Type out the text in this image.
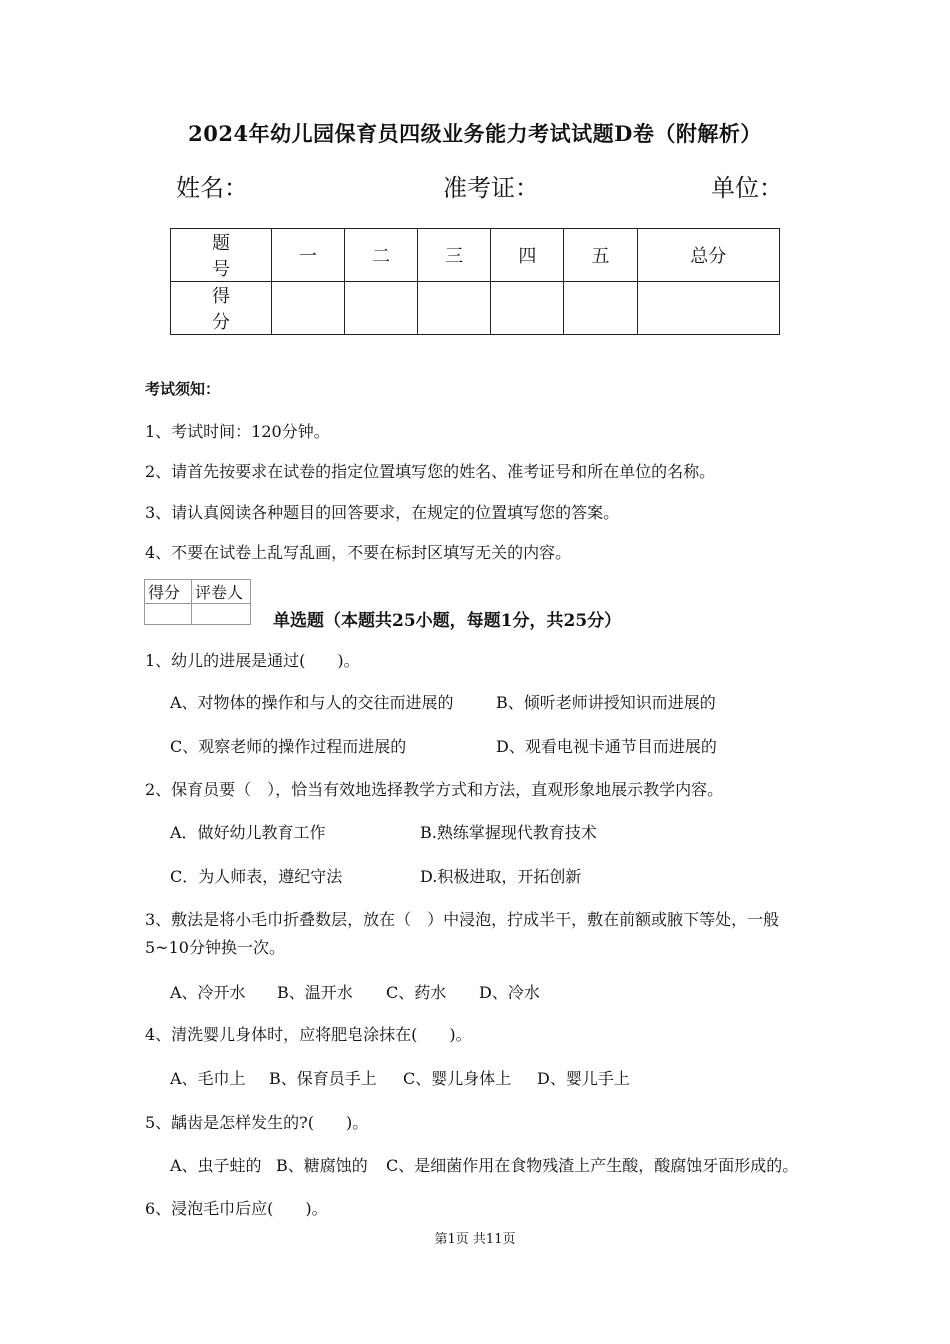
2024年幼儿园保育员四级业务能力考试试题D卷（附解析）
姓名：	准考证：	单位：
题　号	一	二	三	四	五	总分
得　分						
考试须知：
1、考试时间：120分钟。
2、请首先按要求在试卷的指定位置填写您的姓名、准考证号和所在单位的名称。
3、请认真阅读各种题目的回答要求，在规定的位置填写您的答案。
4、不要在试卷上乱写乱画，不要在标封区填写无关的内容。
得分	评卷人

单选题（本题共25小题，每题1分，共25分）
1、幼儿的进展是通过(　　)。
A、对物体的操作和与人的交往而进展的	B、倾听老师讲授知识而进展的
C、观察老师的操作过程而进展的	D、观看电视卡通节目而进展的
2、保育员要（　），恰当有效地选择教学方式和方法，直观形象地展示教学内容。
A．做好幼儿教育工作	B.熟练掌握现代教育技术
C．为人师表，遵纪守法	D.积极进取，开拓创新
3、敷法是将小毛巾折叠数层，放在（　）中浸泡，拧成半干，敷在前额或腋下等处，一般
5~10分钟换一次。
A、冷开水 B、温开水 C、药水 D、冷水
4、清洗婴儿身体时，应将肥皂涂抹在(　　)。
A、毛巾上 B、保育员手上 C、婴儿身体上 D、婴儿手上
5、龋齿是怎样发生的?(　　)。
A、虫子蛀的 B、糖腐蚀的 C、是细菌作用在食物残渣上产生酸，酸腐蚀牙面形成的。
6、浸泡毛巾后应(　　)。
第1页 共11页
